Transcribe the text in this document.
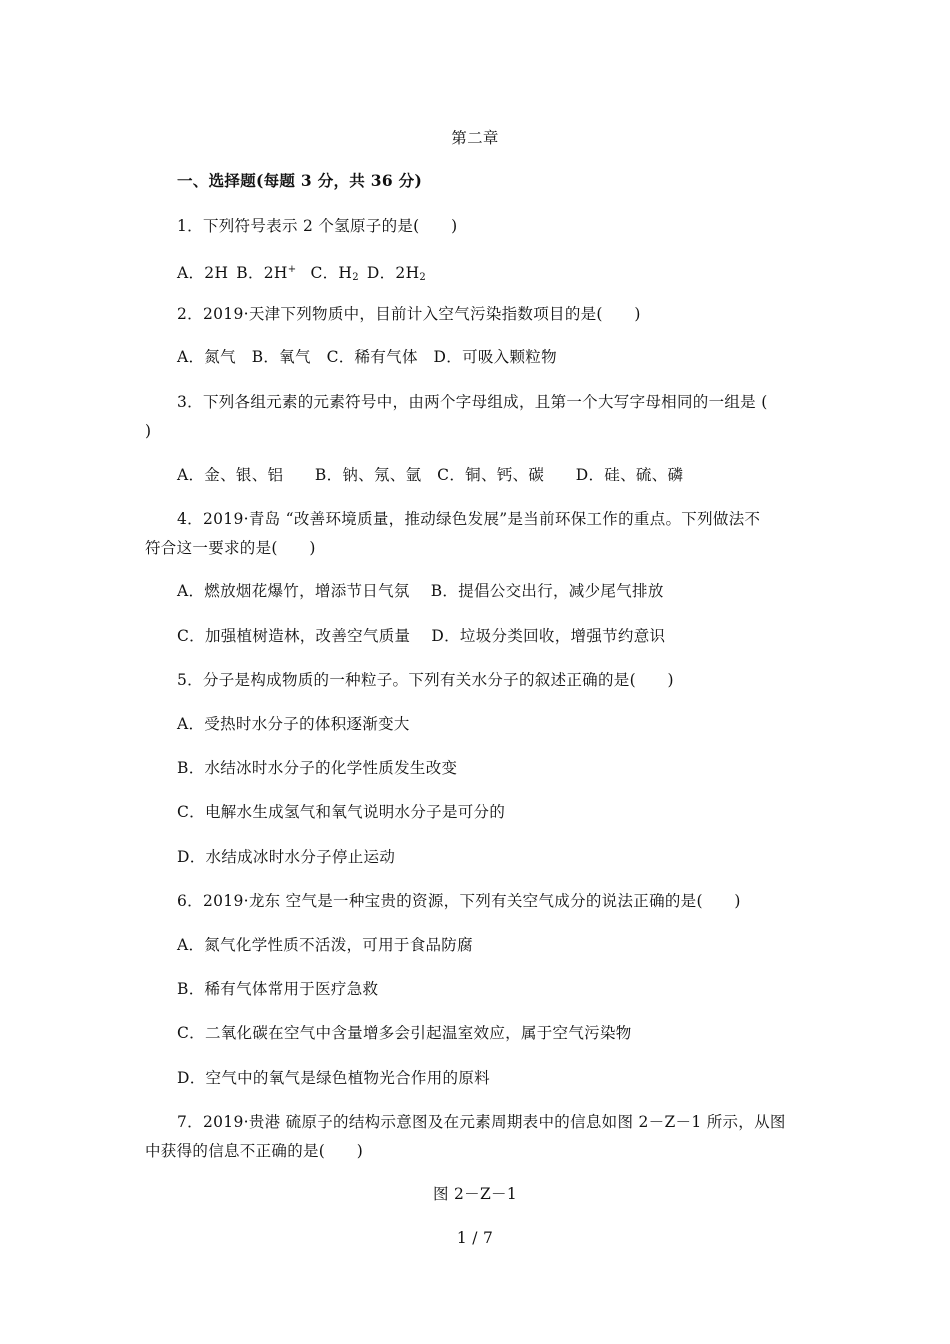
第二章
一、选择题(每题 3 分，共 36 分)
1．下列符号表示 2 个氢原子的是(　　)
A．2H B．2H+ C．$H_2$ D．$2H_2$
2．2019·天津下列物质中，目前计入空气污染指数项目的是(　　)
A．氮气　B．氧气　C．稀有气体　D．可吸入颗粒物
3．下列各组元素的元素符号中，由两个字母组成，且第一个大写字母相同的一组是 (
)
A．金、银、铝　　B．钠、氖、氩　C．铜、钙、碳　　D．硅、硫、磷
4．2019·青岛 “改善环境质量，推动绿色发展”是当前环保工作的重点。下列做法不
符合这一要求的是(　　)
A．燃放烟花爆竹，增添节日气氛　 B．提倡公交出行，减少尾气排放
C．加强植树造林，改善空气质量　 D．垃圾分类回收，增强节约意识
5．分子是构成物质的一种粒子。下列有关水分子的叙述正确的是(　　)
A．受热时水分子的体积逐渐变大
B．水结冰时水分子的化学性质发生改变
C．电解水生成氢气和氧气说明水分子是可分的
D．水结成冰时水分子停止运动
6．2019·龙东 空气是一种宝贵的资源，下列有关空气成分的说法正确的是(　　)
A．氮气化学性质不活泼，可用于食品防腐
B．稀有气体常用于医疗急救
C．二氧化碳在空气中含量增多会引起温室效应，属于空气污染物
D．空气中的氧气是绿色植物光合作用的原料
7．2019·贵港 硫原子的结构示意图及在元素周期表中的信息如图 2－Z－1 所示，从图
中获得的信息不正确的是(　　)
图 2－Z－1
1 / 7
